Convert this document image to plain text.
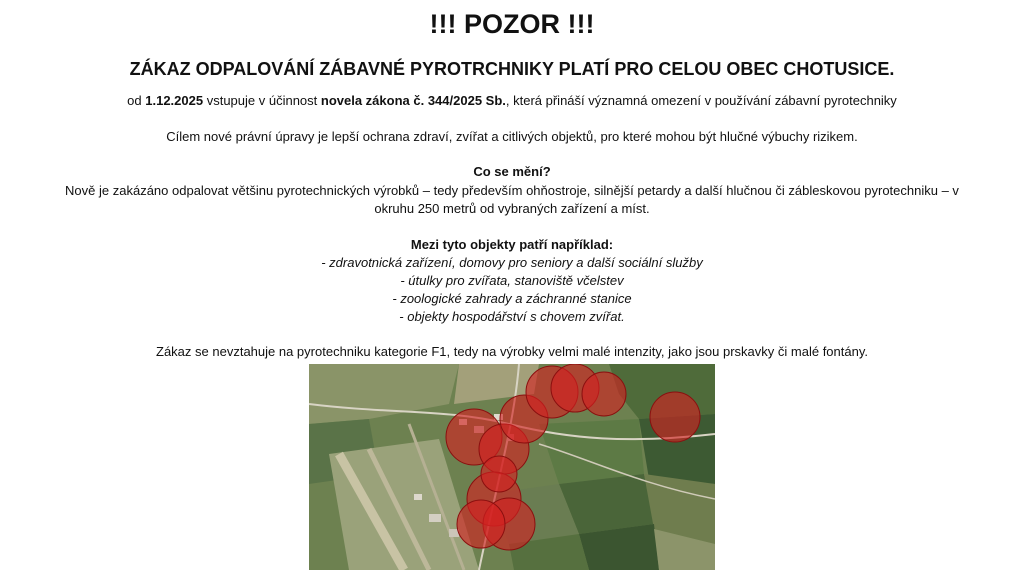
!!! POZOR !!!
ZÁKAZ ODPALOVÁNÍ ZÁBAVNÉ PYROTRCHNIKY PLATÍ PRO CELOU OBEC CHOTUSICE.
od 1.12.2025 vstupuje v účinnost novela zákona č. 344/2025 Sb., která přináší významná omezení v používání zábavní pyrotechniky
Cílem nové právní úpravy je lepší ochrana zdraví, zvířat a citlivých objektů, pro které mohou být hlučné výbuchy rizikem.
Co se mění?
Nově je zakázáno odpalovat většinu pyrotechnických výrobků – tedy především ohňostroje, silnější petardy a další hlučnou či zábleskovou pyrotechniku – v
okruhu 250 metrů od vybraných zařízení a míst.
Mezi tyto objekty patří například:
- zdravotnická zařízení, domovy pro seniory a další sociální služby
- útulky pro zvířata, stanoviště včelstev
- zoologické zahrady a záchranné stanice
- objekty hospodářství s chovem zvířat.
Zákaz se nevztahuje na pyrotechniku kategorie F1, tedy na výrobky velmi malé intenzity, jako jsou prskavky či malé fontány.
